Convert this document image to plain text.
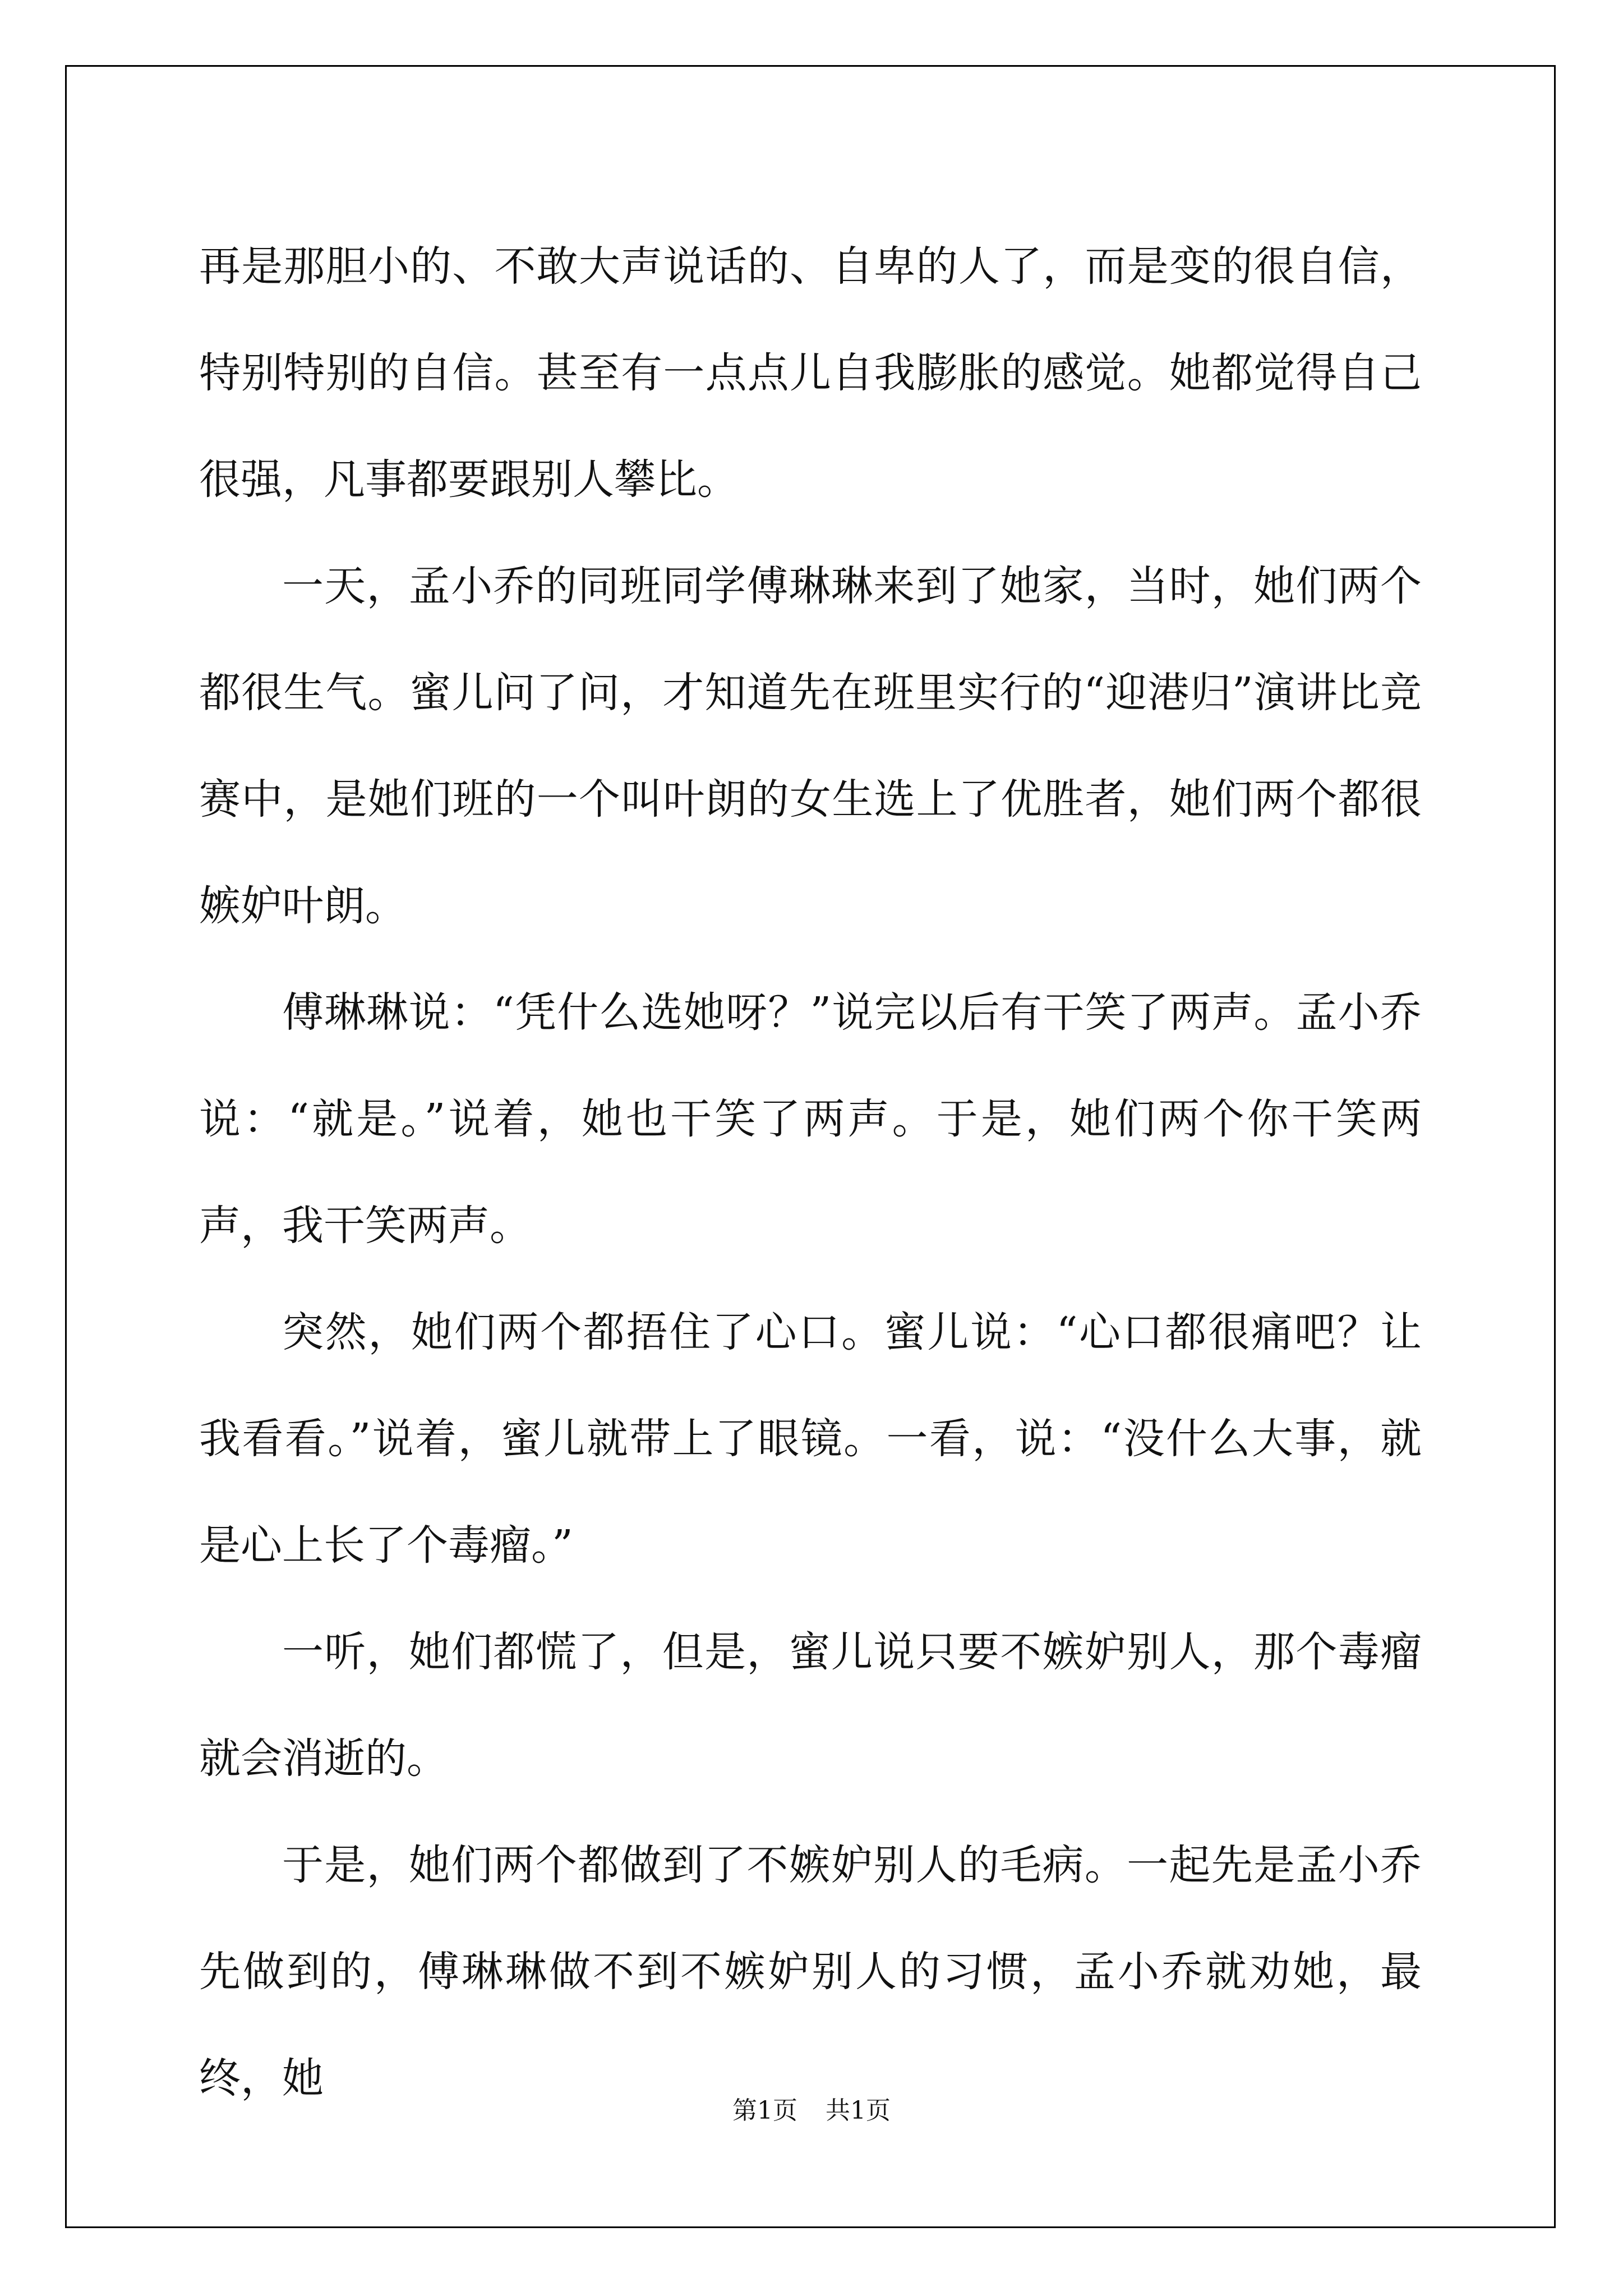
再是那胆小的、不敢大声说话的、自卑的人了，而是变的很自信，特别特别的自信。甚至有一点点儿自我膨胀的感觉。她都觉得自己很强，凡事都要跟别人攀比。

一天，孟小乔的同班同学傅琳琳来到了她家，当时，她们两个都很生气。蜜儿问了问，才知道先在班里实行的“迎港归”演讲比竞赛中，是她们班的一个叫叶朗的女生选上了优胜者，她们两个都很嫉妒叶朗。

傅琳琳说：“凭什么选她呀？”说完以后有干笑了两声。孟小乔说：“就是。”说着，她也干笑了两声。于是，她们两个你干笑两声，我干笑两声。

突然，她们两个都捂住了心口。蜜儿说：“心口都很痛吧？让我看看。”说着，蜜儿就带上了眼镜。一看，说：“没什么大事，就是心上长了个毒瘤。”

一听，她们都慌了，但是，蜜儿说只要不嫉妒别人，那个毒瘤就会消逝的。

于是，她们两个都做到了不嫉妒别人的毛病。一起先是孟小乔先做到的，傅琳琳做不到不嫉妒别人的习惯，孟小乔就劝她，最终，她

第1页 共1页
